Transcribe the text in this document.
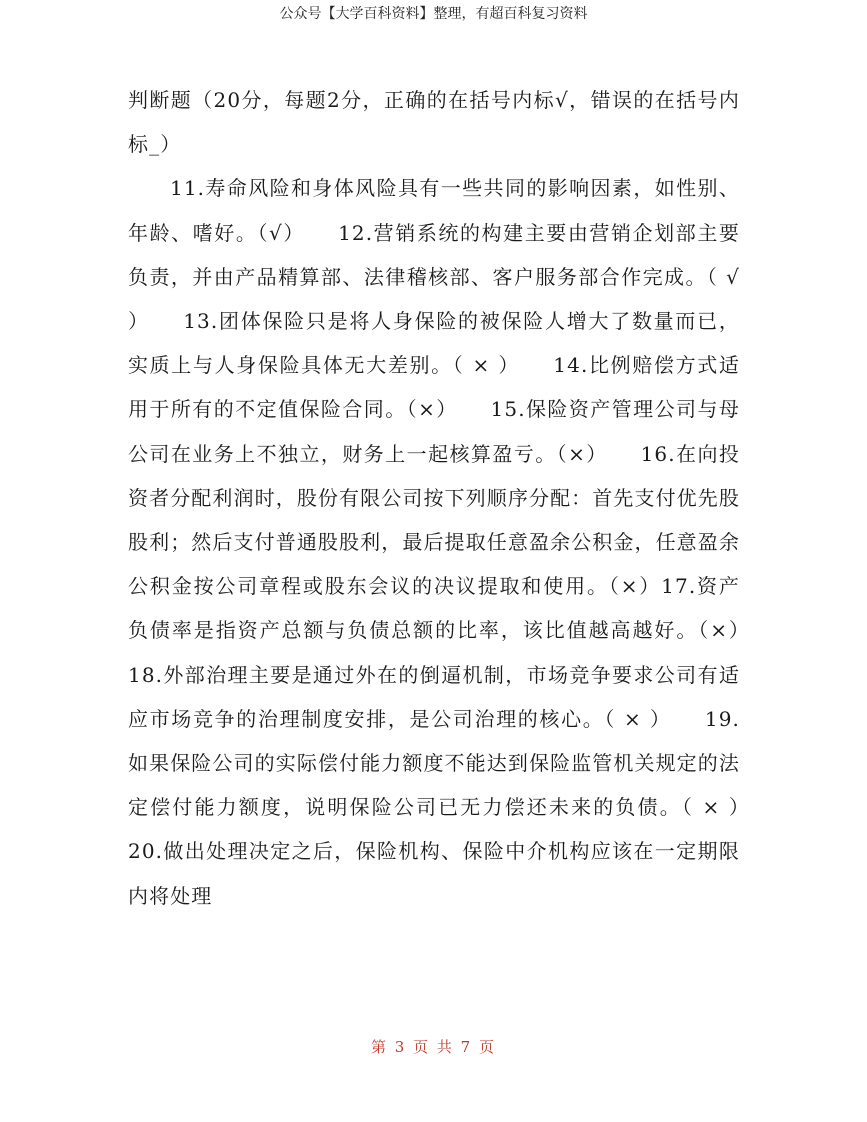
公众号【大学百科资料】整理，有超百科复习资料

判断题（20分，每题2分，正确的在括号内标√，错误的在括号内标_）

11.寿命风险和身体风险具有一些共同的影响因素，如性别、年龄、嗜好。（√）　　12.营销系统的构建主要由营销企划部主要负责，并由产品精算部、法律稽核部、客户服务部合作完成。（ √ ）　　13.团体保险只是将人身保险的被保险人增大了数量而已，实质上与人身保险具体无大差别。（ × ）　　14.比例赔偿方式适用于所有的不定值保险合同。（×）　　15.保险资产管理公司与母公司在业务上不独立，财务上一起核算盈亏。（×）　　16.在向投资者分配利润时，股份有限公司按下列顺序分配：首先支付优先股股利；然后支付普通股股利，最后提取任意盈余公积金，任意盈余公积金按公司章程或股东会议的决议提取和使用。（×）17.资产负债率是指资产总额与负债总额的比率，该比值越高越好。（×）　　18.外部治理主要是通过外在的倒逼机制，市场竞争要求公司有适应市场竞争的治理制度安排，是公司治理的核心。（ × ）　　19.如果保险公司的实际偿付能力额度不能达到保险监管机关规定的法定偿付能力额度，说明保险公司已无力偿还未来的负债。（ × ）　　20.做出处理决定之后，保险机构、保险中介机构应该在一定期限内将处理

第 3 页 共 7 页
